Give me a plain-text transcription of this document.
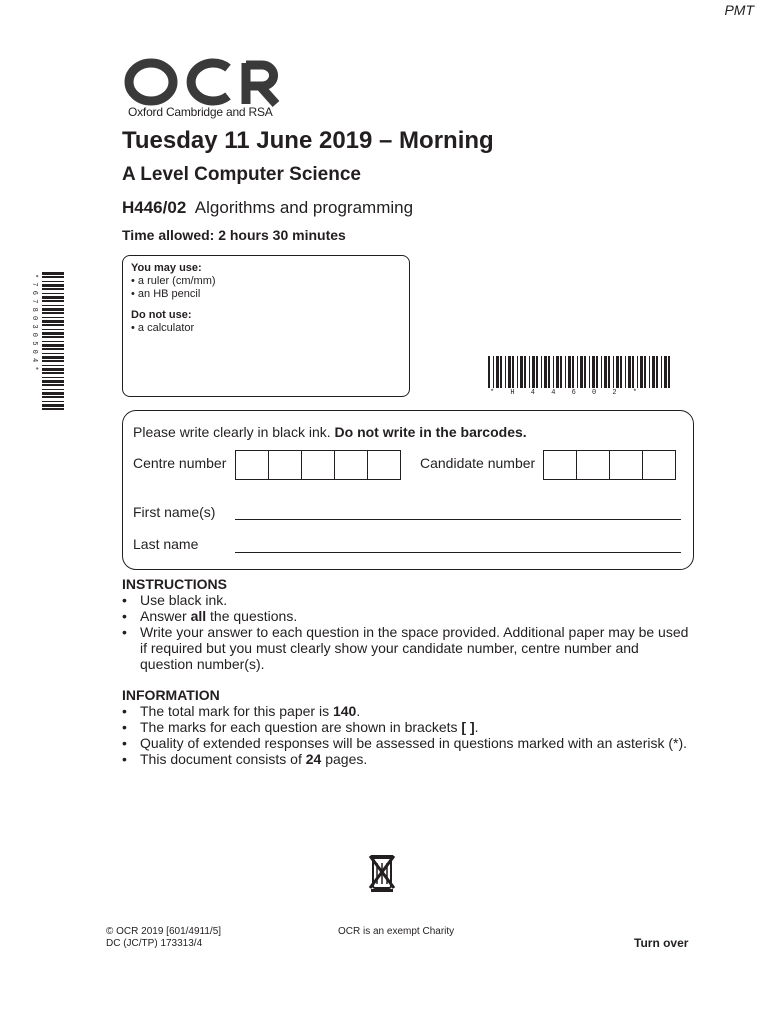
PMT
Oxford Cambridge and RSA
Tuesday 11 June 2019 – Morning
A Level Computer Science
H446/02 Algorithms and programming
Time allowed: 2 hours 30 minutes
You may use:
• a ruler (cm/mm)
• an HB pencil
Do not use:
• a calculator
* 7 6 7 8 0 3 0 5 0 4 *
* H 4 4 6 0 2 *
Please write clearly in black ink. Do not write in the barcodes.
Centre number	Candidate number
First name(s)
Last name
INSTRUCTIONS
• Use black ink.
• Answer all the questions.
• Write your answer to each question in the space provided. Additional paper may be used if required but you must clearly show your candidate number, centre number and question number(s).
INFORMATION
• The total mark for this paper is 140.
• The marks for each question are shown in brackets [ ].
• Quality of extended responses will be assessed in questions marked with an asterisk (*).
• This document consists of 24 pages.
© OCR 2019 [601/4911/5]
DC (JC/TP) 173313/4
OCR is an exempt Charity
Turn over
